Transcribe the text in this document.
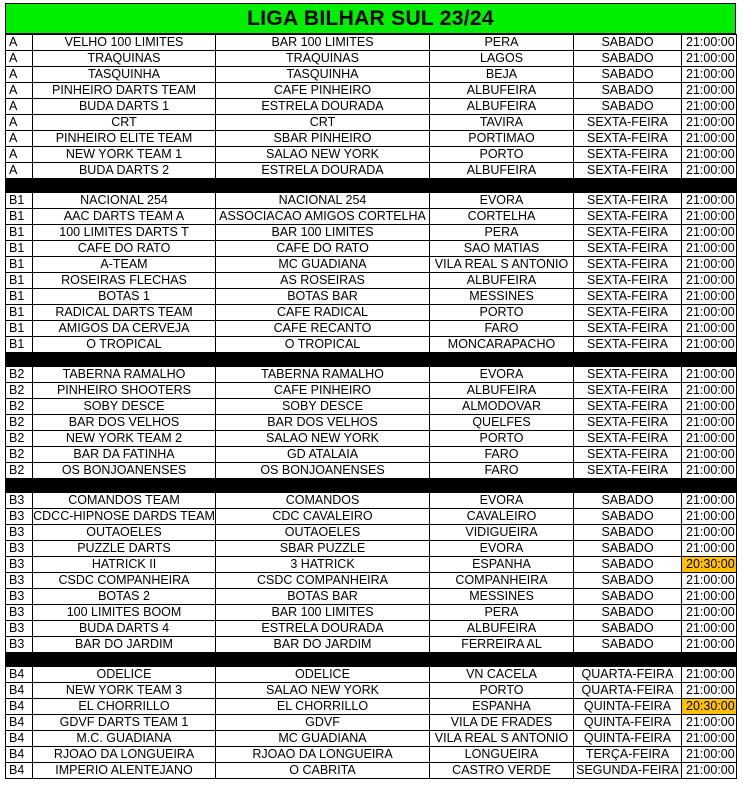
LIGA BILHAR SUL 23/24
A	VELHO 100 LIMITES	BAR 100 LIMITES	PERA	SABADO	21:00:00
A	TRAQUINAS	TRAQUINAS	LAGOS	SABADO	21:00:00
A	TASQUINHA	TASQUINHA	BEJA	SABADO	21:00:00
A	PINHEIRO DARTS TEAM	CAFE PINHEIRO	ALBUFEIRA	SABADO	21:00:00
A	BUDA DARTS 1	ESTRELA DOURADA	ALBUFEIRA	SABADO	21:00:00
A	CRT	CRT	TAVIRA	SEXTA-FEIRA	21:00:00
A	PINHEIRO ELITE TEAM	SBAR PINHEIRO	PORTIMAO	SEXTA-FEIRA	21:00:00
A	NEW YORK TEAM 1	SALAO NEW YORK	PORTO	SEXTA-FEIRA	21:00:00
A	BUDA DARTS 2	ESTRELA DOURADA	ALBUFEIRA	SEXTA-FEIRA	21:00:00

B1	NACIONAL 254	NACIONAL 254	EVORA	SEXTA-FEIRA	21:00:00
B1	AAC DARTS TEAM A	ASSOCIACAO AMIGOS CORTELHA	CORTELHA	SEXTA-FEIRA	21:00:00
B1	100 LIMITES DARTS T	BAR 100 LIMITES	PERA	SEXTA-FEIRA	21:00:00
B1	CAFE DO RATO	CAFE DO RATO	SAO MATIAS	SEXTA-FEIRA	21:00:00
B1	A-TEAM	MC GUADIANA	VILA REAL S ANTONIO	SEXTA-FEIRA	21:00:00
B1	ROSEIRAS FLECHAS	AS ROSEIRAS	ALBUFEIRA	SEXTA-FEIRA	21:00:00
B1	BOTAS 1	BOTAS BAR	MESSINES	SEXTA-FEIRA	21:00:00
B1	RADICAL DARTS TEAM	CAFE RADICAL	PORTO	SEXTA-FEIRA	21:00:00
B1	AMIGOS DA CERVEJA	CAFE RECANTO	FARO	SEXTA-FEIRA	21:00:00
B1	O TROPICAL	O TROPICAL	MONCARAPACHO	SEXTA-FEIRA	21:00:00

B2	TABERNA RAMALHO	TABERNA RAMALHO	EVORA	SEXTA-FEIRA	21:00:00
B2	PINHEIRO SHOOTERS	CAFE PINHEIRO	ALBUFEIRA	SEXTA-FEIRA	21:00:00
B2	SOBY DESCE	SOBY DESCE	ALMODOVAR	SEXTA-FEIRA	21:00:00
B2	BAR DOS VELHOS	BAR DOS VELHOS	QUELFES	SEXTA-FEIRA	21:00:00
B2	NEW YORK TEAM 2	SALAO NEW YORK	PORTO	SEXTA-FEIRA	21:00:00
B2	BAR DA FATINHA	GD ATALAIA	FARO	SEXTA-FEIRA	21:00:00
B2	OS BONJOANENSES	OS BONJOANENSES	FARO	SEXTA-FEIRA	21:00:00

B3	COMANDOS TEAM	COMANDOS	EVORA	SABADO	21:00:00
B3	CDCC-HIPNOSE DARDS TEAM	CDC CAVALEIRO	CAVALEIRO	SABADO	21:00:00
B3	OUTAOELES	OUTAOELES	VIDIGUEIRA	SABADO	21:00:00
B3	PUZZLE DARTS	SBAR PUZZLE	EVORA	SABADO	21:00:00
B3	HATRICK II	3 HATRICK	ESPANHA	SABADO	20:30:00
B3	CSDC COMPANHEIRA	CSDC COMPANHEIRA	COMPANHEIRA	SABADO	21:00:00
B3	BOTAS 2	BOTAS BAR	MESSINES	SABADO	21:00:00
B3	100 LIMITES BOOM	BAR 100 LIMITES	PERA	SABADO	21:00:00
B3	BUDA DARTS 4	ESTRELA DOURADA	ALBUFEIRA	SABADO	21:00:00
B3	BAR DO JARDIM	BAR DO JARDIM	FERREIRA AL	SABADO	21:00:00

B4	ODELICE	ODELICE	VN CACELA	QUARTA-FEIRA	21:00:00
B4	NEW YORK TEAM 3	SALAO NEW YORK	PORTO	QUARTA-FEIRA	21:00:00
B4	EL CHORRILLO	EL CHORRILLO	ESPANHA	QUINTA-FEIRA	20:30:00
B4	GDVF DARTS TEAM 1	GDVF	VILA DE FRADES	QUINTA-FEIRA	21:00:00
B4	M.C. GUADIANA	MC GUADIANA	VILA REAL S ANTONIO	QUINTA-FEIRA	21:00:00
B4	RJOAO DA LONGUEIRA	RJOAO DA LONGUEIRA	LONGUEIRA	TERÇA-FEIRA	21:00:00
B4	IMPERIO ALENTEJANO	O CABRITA	CASTRO VERDE	SEGUNDA-FEIRA	21:00:00
